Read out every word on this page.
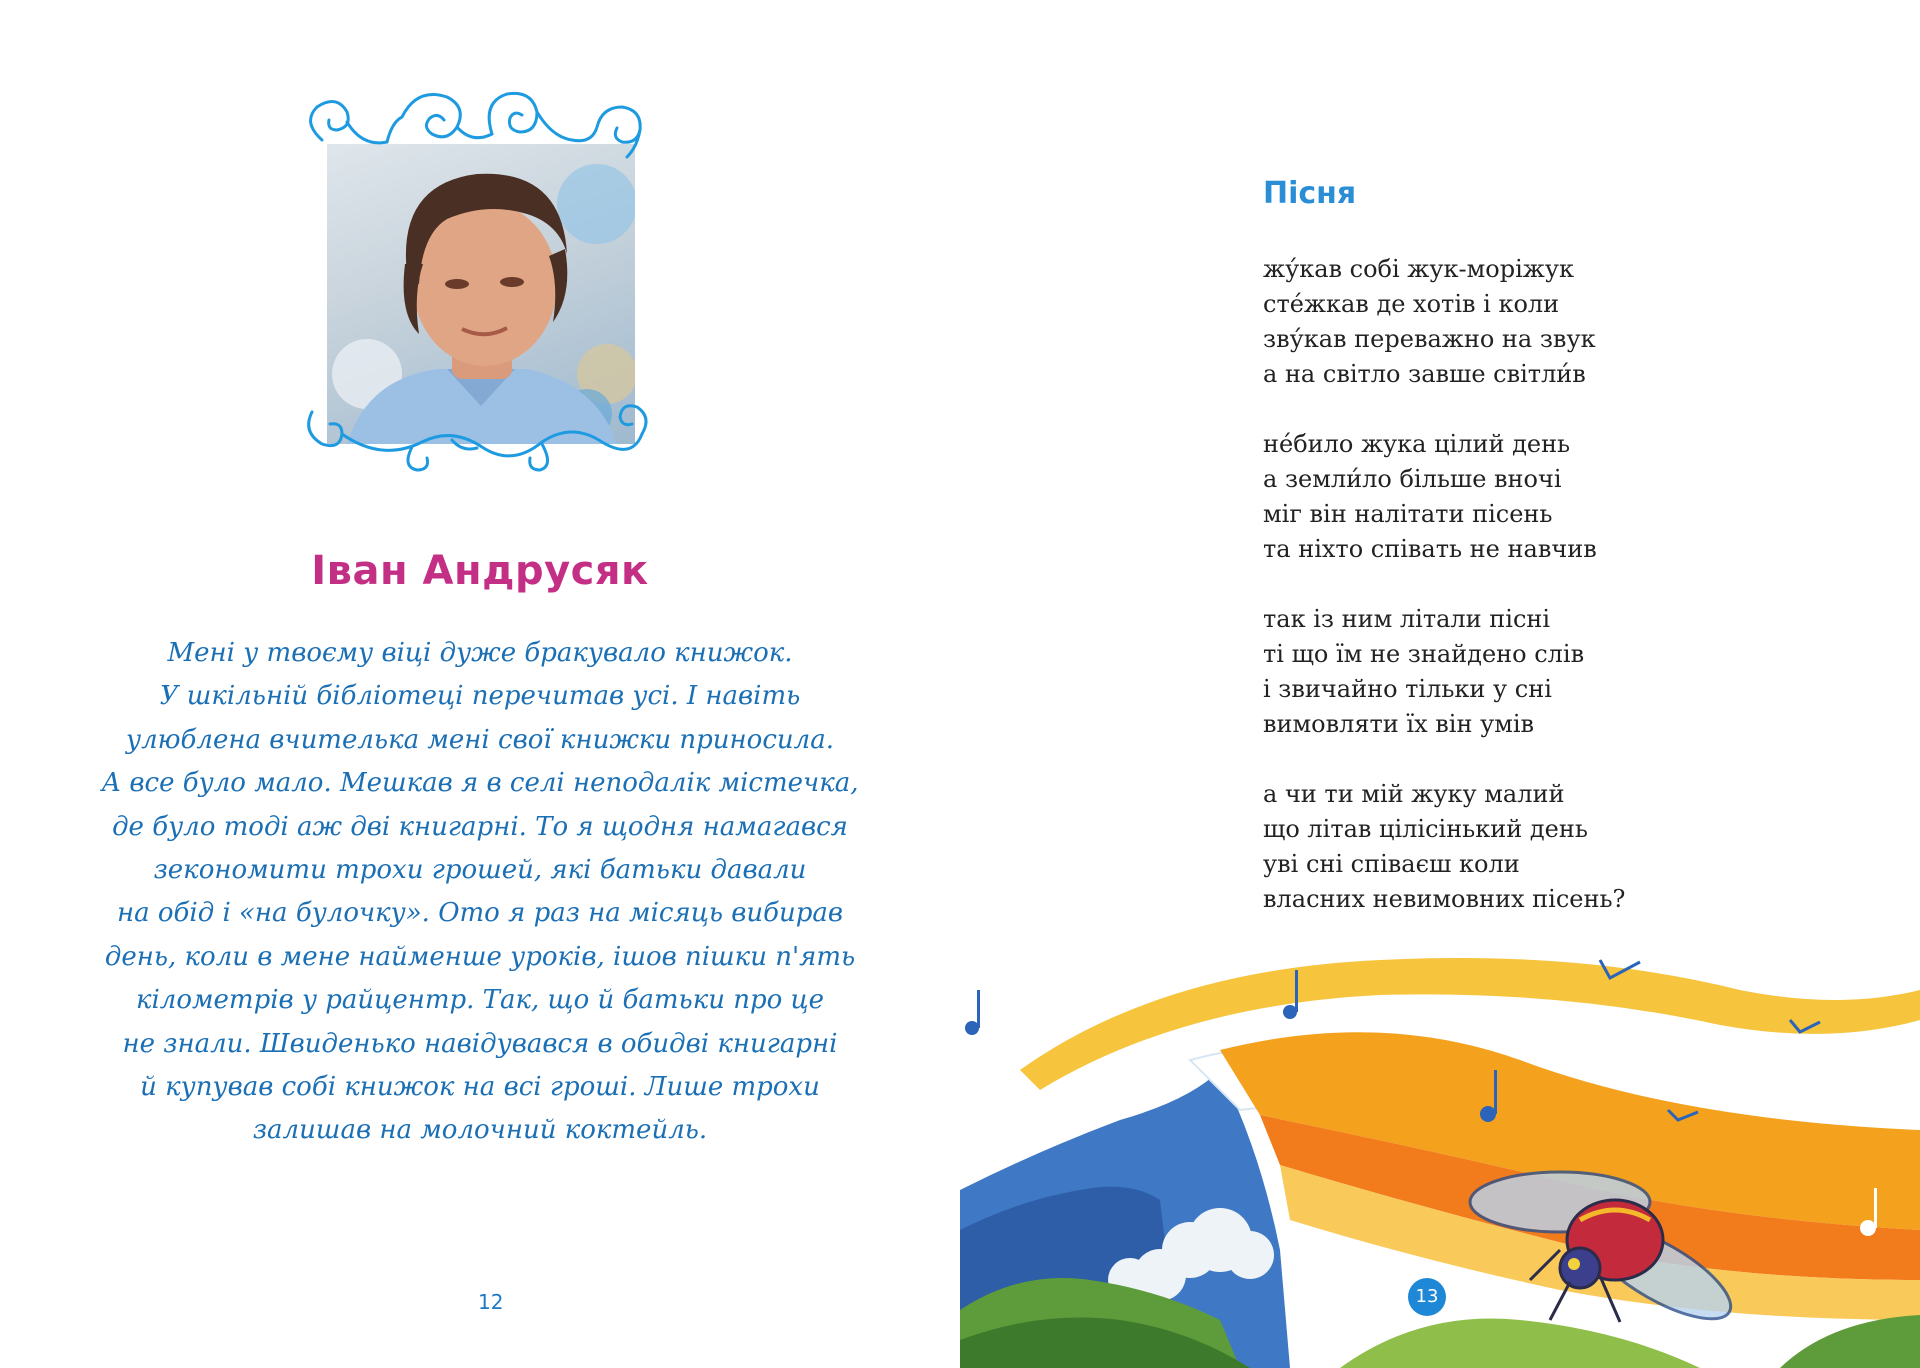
Іван Андрусяк

Мені у твоєму віці дуже бракувало книжок.
У шкільній бібліотеці перечитав усі. І навіть
улюблена вчителька мені свої книжки приносила.
А все було мало. Мешкав я в селі неподалік містечка,
де було тоді аж дві книгарні. То я щодня намагався
зекономити трохи грошей, які батьки давали
на обід і «на булочку». Ото я раз на місяць вибирав
день, коли в мене найменше уроків, ішов пішки п'ять
кілометрів у райцентр. Так, що й батьки про це
не знали. Швиденько навідувався в обидві книгарні
й купував собі книжок на всі гроші. Лише трохи
залишав на молочний коктейль.

12
Пісня

жу́кав собі жук-моріжук
сте́жкав де хотів і коли
зву́кав переважно на звук
а на світло завше світли́в

не́било жука цілий день
а земли́ло більше вночі
міг він налітати пісень
та ніхто співать не навчив

так із ним літали пісні
ті що їм не знайдено слів
і звичайно тільки у сні
вимовляти їх він умів

а чи ти мій жуку малий
що літав цілісінький день
уві сні співаєш коли
власних невимовних пісень?

13
